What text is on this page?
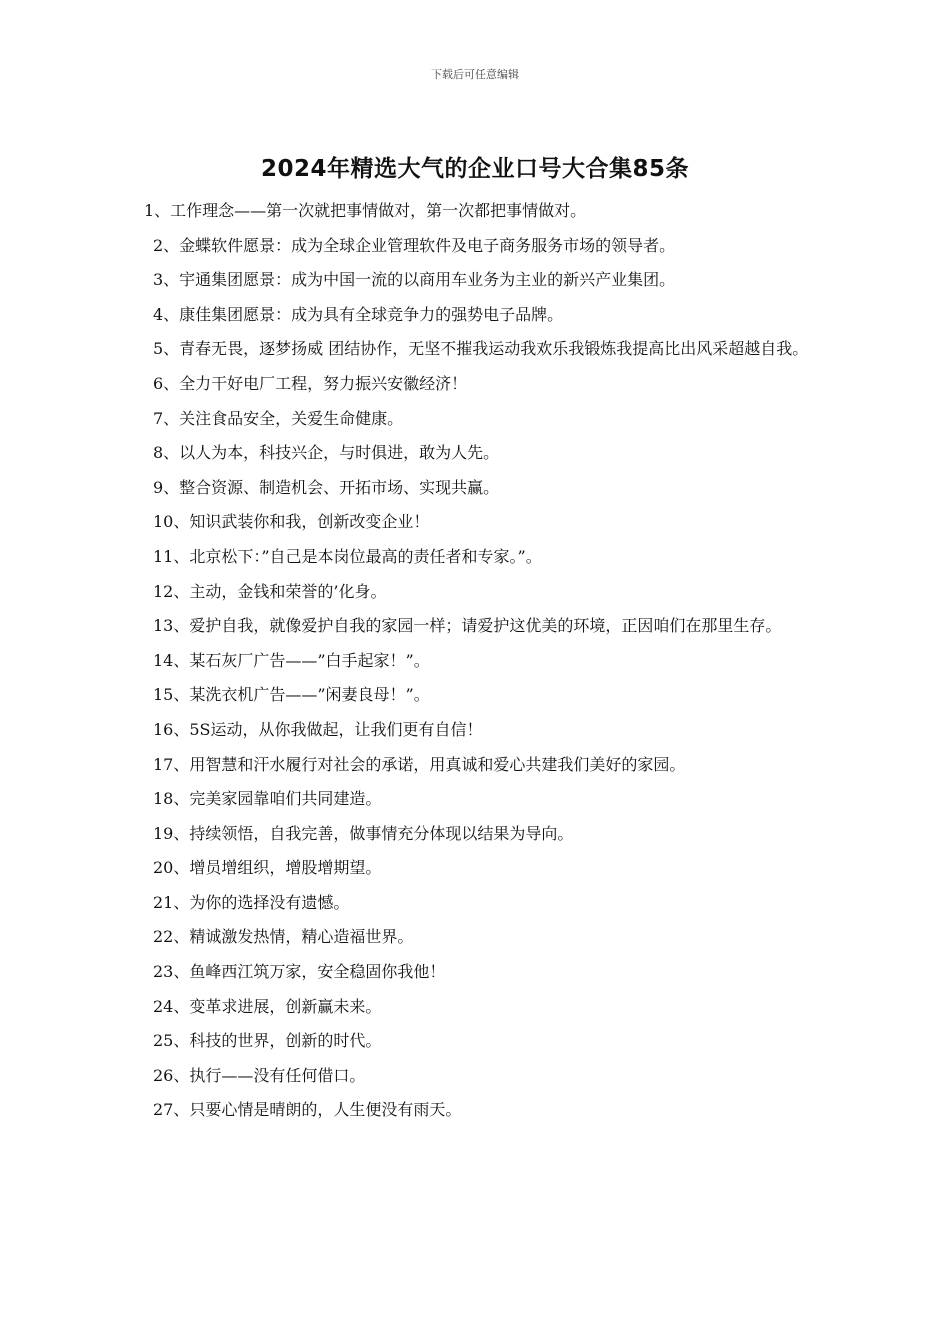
下载后可任意编辑
2024年精选大气的企业口号大合集85条
1、工作理念——第一次就把事情做对，第一次都把事情做对。
2、金蝶软件愿景：成为全球企业管理软件及电子商务服务市场的领导者。
3、宇通集团愿景：成为中国一流的以商用车业务为主业的新兴产业集团。
4、康佳集团愿景：成为具有全球竞争力的强势电子品牌。
5、青春无畏，逐梦扬威 团结协作，无坚不摧我运动我欢乐我锻炼我提高比出风采超越自我。
6、全力干好电厂工程，努力振兴安徽经济！
7、关注食品安全，关爱生命健康。
8、以人为本，科技兴企，与时俱进，敢为人先。
9、整合资源、制造机会、开拓市场、实现共赢。
10、知识武装你和我，创新改变企业！
11、北京松下：”自己是本岗位最高的责任者和专家。”。
12、主动，金钱和荣誉的’化身。
13、爱护自我，就像爱护自我的家园一样；请爱护这优美的环境，正因咱们在那里生存。
14、某石灰厂广告——”白手起家！”。
15、某洗衣机广告——”闲妻良母！”。
16、5S运动，从你我做起，让我们更有自信！
17、用智慧和汗水履行对社会的承诺，用真诚和爱心共建我们美好的家园。
18、完美家园靠咱们共同建造。
19、持续领悟，自我完善，做事情充分体现以结果为导向。
20、增员增组织，增股增期望。
21、为你的选择没有遗憾。
22、精诚激发热情，精心造福世界。
23、鱼峰西江筑万家，安全稳固你我他！
24、变革求进展，创新赢未来。
25、科技的世界，创新的时代。
26、执行——没有任何借口。
27、只要心情是晴朗的，人生便没有雨天。
